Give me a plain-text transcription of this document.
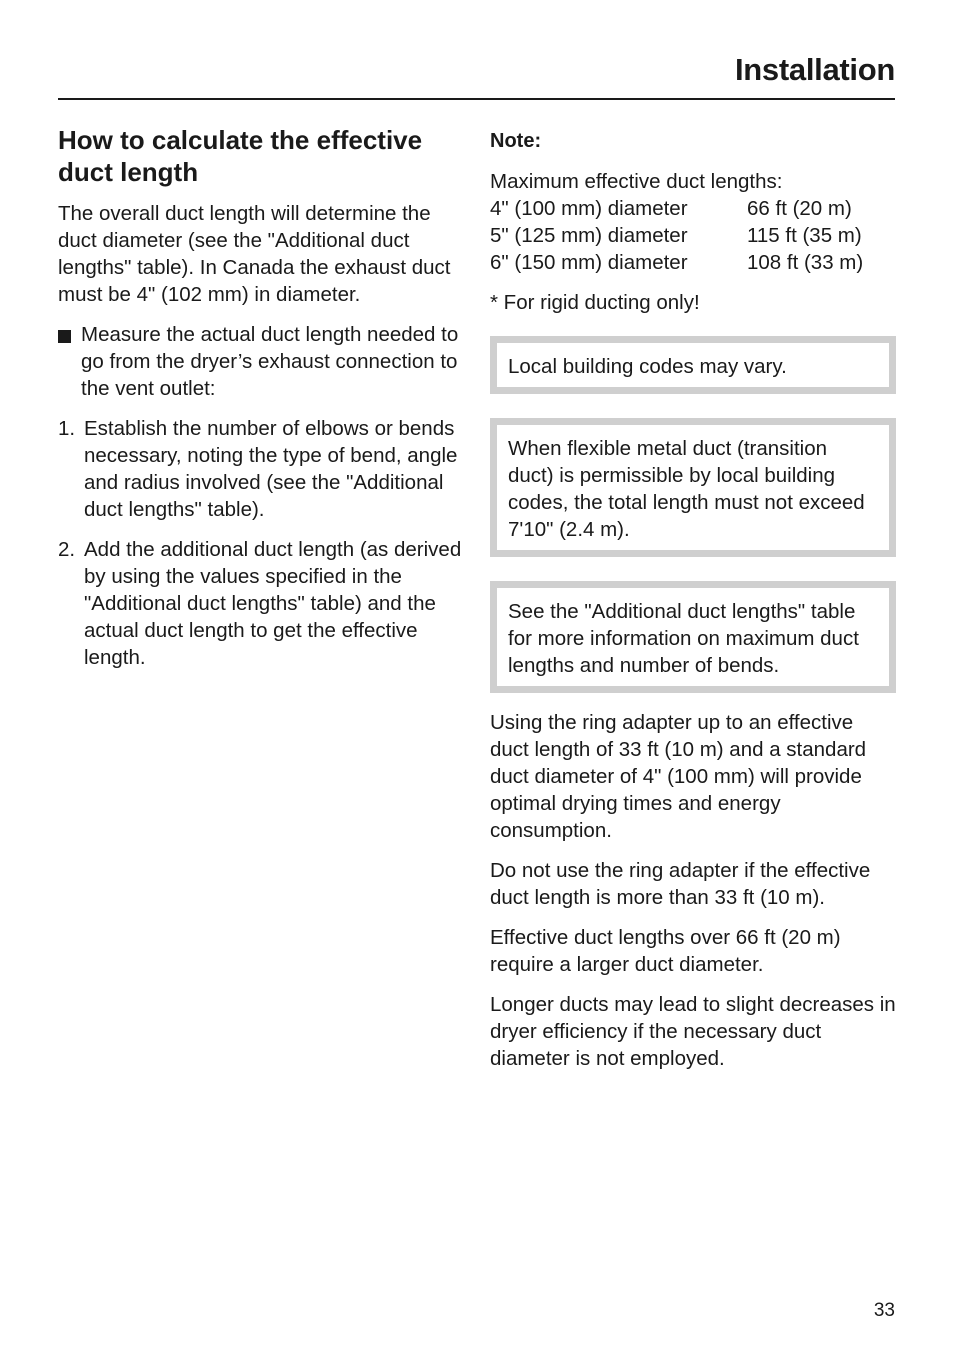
Installation
How to calculate the effective duct length

The overall duct length will determine the duct diameter (see the "Additional duct lengths" table). In Canada the exhaust duct must be 4" (102 mm) in diameter.

Measure the actual duct length needed to go from the dryer’s exhaust connection to the vent outlet:
1. Establish the number of elbows or bends necessary, noting the type of bend, angle and radius involved (see the "Additional duct lengths" table).
2. Add the additional duct length (as derived by using the values specified in the "Additional duct lengths" table) and the actual duct length to get the effective length.

Note:

Maximum effective duct lengths:

4" (100 mm) diameter	66 ft (20 m)
5" (125 mm) diameter	115 ft (35 m)
6" (150 mm) diameter	108 ft (33 m)

* For rigid ducting only!

Local building codes may vary.
When flexible metal duct (transition duct) is permissible by local building codes, the total length must not exceed 7'10" (2.4 m).
See the "Additional duct lengths" table for more information on maximum duct lengths and number of bends.

Using the ring adapter up to an effective duct length of 33 ft (10 m) and a standard duct diameter of 4" (100 mm) will provide optimal drying times and energy consumption.

Do not use the ring adapter if the effective duct length is more than 33 ft (10 m).

Effective duct lengths over 66 ft (20 m) require a larger duct diameter.

Longer ducts may lead to slight decreases in dryer efficiency if the necessary duct diameter is not employed.

33
